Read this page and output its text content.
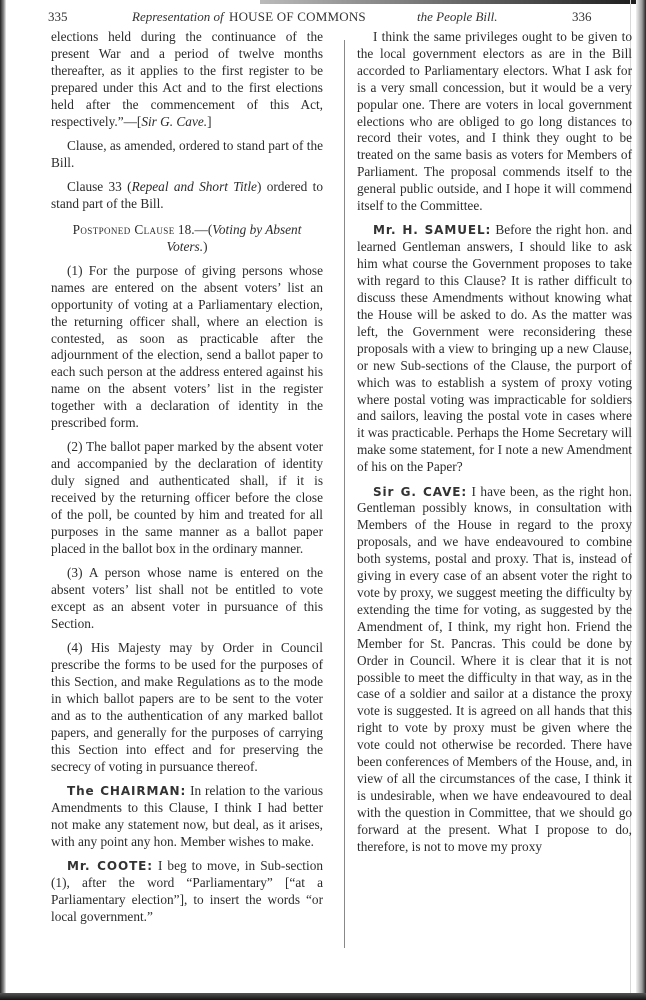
335	Representation of HOUSE OF COMMONS	the People Bill.	336

elections held during the continuance of the present War and a period of twelve months thereafter, as it applies to the first register to be prepared under this Act and to the first elections held after the commencement of this Act, respectively.”—[Sir G. Cave.]

Clause, as amended, ordered to stand part of the Bill.

Clause 33 (Repeal and Short Title) ordered to stand part of the Bill.

Postponed Clause 18.—(Voting by Absent Voters.)

(1) For the purpose of giving persons whose names are entered on the absent voters’ list an opportunity of voting at a Parliamentary election, the returning officer shall, where an election is contested, as soon as practicable after the adjournment of the election, send a ballot paper to each such person at the address entered against his name on the absent voters’ list in the register together with a declaration of identity in the prescribed form.

(2) The ballot paper marked by the absent voter and accompanied by the declaration of identity duly signed and authenticated shall, if it is received by the returning officer before the close of the poll, be counted by him and treated for all purposes in the same manner as a ballot paper placed in the ballot box in the ordinary manner.

(3) A person whose name is entered on the absent voters’ list shall not be entitled to vote except as an absent voter in pursuance of this Section.

(4) His Majesty may by Order in Council prescribe the forms to be used for the purposes of this Section, and make Regulations as to the mode in which ballot papers are to be sent to the voter and as to the authentication of any marked ballot papers, and generally for the purposes of carrying this Section into effect and for preserving the secrecy of voting in pursuance thereof.

The CHAIRMAN: In relation to the various Amendments to this Clause, I think I had better not make any statement now, but deal, as it arises, with any point any hon. Member wishes to make.

Mr. COOTE: I beg to move, in Sub-section (1), after the word “Parliamentary” [“at a Parliamentary election”], to insert the words “or local government.”

I think the same privileges ought to be given to the local government electors as are in the Bill accorded to Parliamentary electors. What I ask for is a very small concession, but it would be a very popular one. There are voters in local government elections who are obliged to go long distances to record their votes, and I think they ought to be treated on the same basis as voters for Members of Parliament. The proposal commends itself to the general public outside, and I hope it will commend itself to the Committee.

Mr. H. SAMUEL: Before the right hon. and learned Gentleman answers, I should like to ask him what course the Government proposes to take with regard to this Clause? It is rather difficult to discuss these Amendments without knowing what the House will be asked to do. As the matter was left, the Government were reconsidering these proposals with a view to bringing up a new Clause, or new Sub-sections of the Clause, the purport of which was to establish a system of proxy voting where postal voting was impracticable for soldiers and sailors, leaving the postal vote in cases where it was practicable. Perhaps the Home Secretary will make some statement, for I note a new Amendment of his on the Paper?

Sir G. CAVE: I have been, as the right hon. Gentleman possibly knows, in consultation with Members of the House in regard to the proxy proposals, and we have endeavoured to combine both systems, postal and proxy. That is, instead of giving in every case of an absent voter the right to vote by proxy, we suggest meeting the difficulty by extending the time for voting, as suggested by the Amendment of, I think, my right hon. Friend the Member for St. Pancras. This could be done by Order in Council. Where it is clear that it is not possible to meet the difficulty in that way, as in the case of a soldier and sailor at a distance the proxy vote is suggested. It is agreed on all hands that this right to vote by proxy must be given where the vote could not otherwise be recorded. There have been conferences of Members of the House, and, in view of all the circumstances of the case, I think it is undesirable, when we have endeavoured to deal with the question in Committee, that we should go forward at the present. What I propose to do, therefore, is not to move my proxy
